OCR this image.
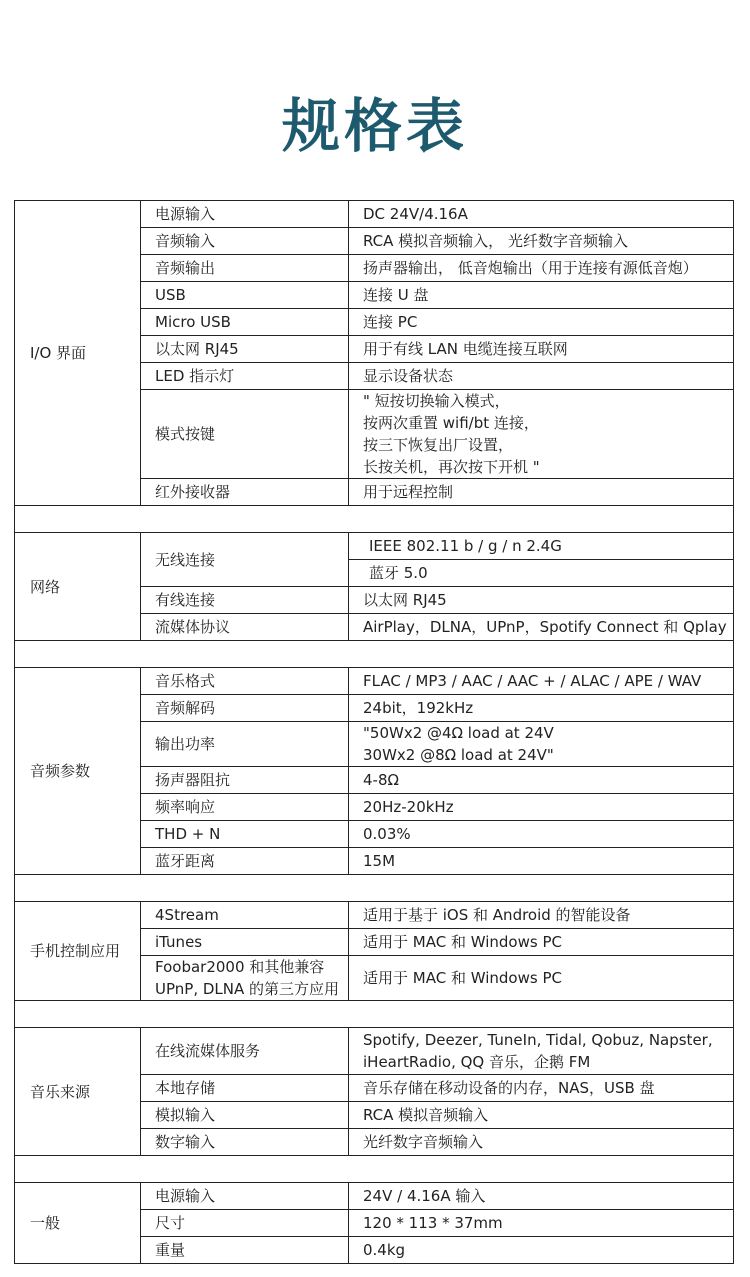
规格表
I/O 界面	电源输入	DC 24V/4.16A
	音频输入	RCA 模拟音频输入， 光纤数字音频输入
	音频输出	扬声器输出， 低音炮输出（用于连接有源低音炮）
	USB	连接 U 盘
	Micro USB	连接 PC
	以太网 RJ45	用于有线 LAN 电缆连接互联网
	LED 指示灯	显示设备状态
	模式按键	" 短按切换输入模式，
按两次重置 wifi/bt 连接，
按三下恢复出厂设置，
长按关机，再次按下开机 "

	红外接收器	用于远程控制

网络	无线连接	IEEE 802.11 b / g / n 2.4G
		蓝牙 5.0
	有线连接	以太网 RJ45
	流媒体协议	AirPlay，DLNA，UPnP，Spotify Connect 和 Qplay

音频参数	音乐格式	FLAC / MP3 / AAC / AAC + / ALAC / APE / WAV
	音频解码	24bit，192kHz
	输出功率	"50Wx2 @4Ω load at 24V
30Wx2 @8Ω load at 24V"

	扬声器阻抗	4-8Ω
	频率响应	20Hz-20kHz
	THD + N	0.03%
	蓝牙距离	15M

手机控制应用	4Stream	适用于基于 iOS 和 Android 的智能设备
	iTunes	适用于 MAC 和 Windows PC

	Foobar2000 和其他兼容
UPnP, DLNA 的第三方应用	适用于 MAC 和 Windows PC

音乐来源	在线流媒体服务	Spotify, Deezer, TuneIn, Tidal, Qobuz, Napster,
iHeartRadio, QQ 音乐，企鹅 FM

	本地存储	音乐存储在移动设备的内存，NAS，USB 盘
	模拟输入	RCA 模拟音频输入
	数字输入	光纤数字音频输入

一般	电源输入	24V / 4.16A 输入
	尺寸	120 * 113 * 37mm
	重量	0.4kg
